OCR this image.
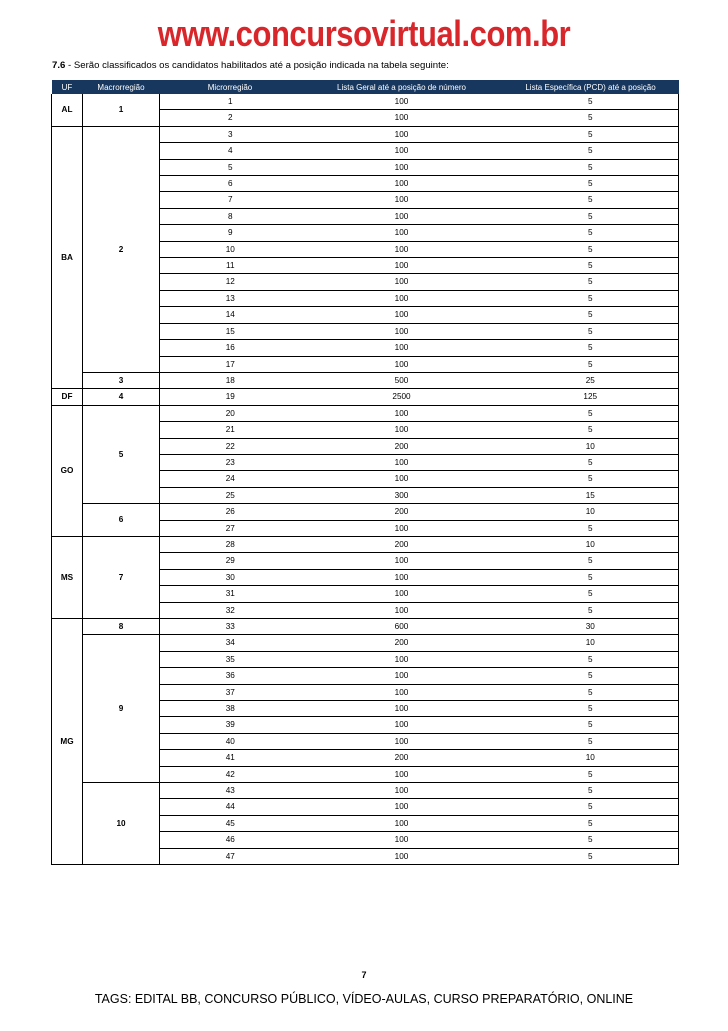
www.concursovirtual.com.br
7.6 - Serão classificados os candidatos habilitados até a posição indicada na tabela seguinte:
UF	Macrorregião	Microrregião	Lista Geral até a posição de número	Lista Específica (PCD) até a posição
AL	1	1	100	5
		2	100	5
BA	2	3	100	5
		4	100	5
		5	100	5
		6	100	5
		7	100	5
		8	100	5
		9	100	5
		10	100	5
		11	100	5
		12	100	5
		13	100	5
		14	100	5
		15	100	5
		16	100	5
		17	100	5
	3	18	500	25
DF	4	19	2500	125
GO	5	20	100	5
		21	100	5
		22	200	10
		23	100	5
		24	100	5
		25	300	15
	6	26	200	10
		27	100	5
MS	7	28	200	10
		29	100	5
		30	100	5
		31	100	5
		32	100	5
MG	8	33	600	30
	9	34	200	10
		35	100	5
		36	100	5
		37	100	5
		38	100	5
		39	100	5
		40	100	5
		41	200	10
		42	100	5
	10	43	100	5
		44	100	5
		45	100	5
		46	100	5
		47	100	5
7
TAGS: EDITAL BB, CONCURSO PÚBLICO, VÍDEO-AULAS, CURSO PREPARATÓRIO, ONLINE
